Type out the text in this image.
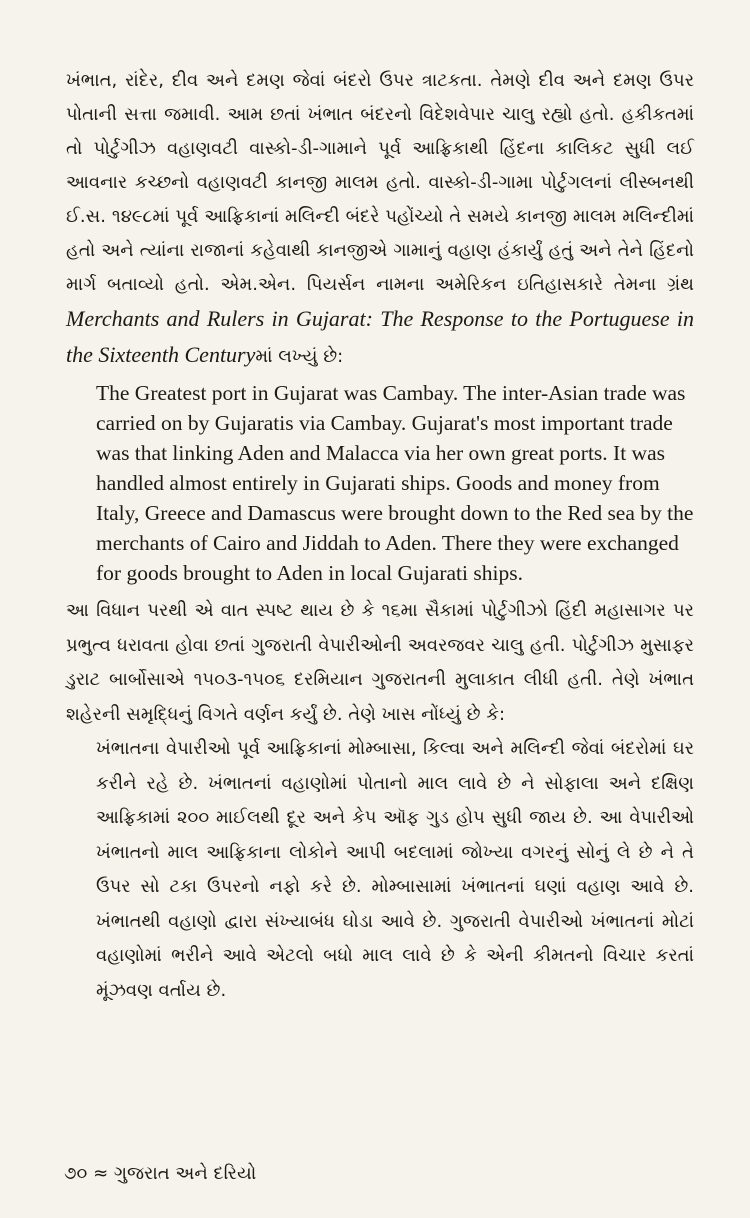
ખંભાત, રાંદેર, દીવ અને દમણ જેવાં બંદરો ઉપર ત્રાટકતા. તેમણે દીવ અને દમણ ઉપર પોતાની સત્તા જમાવી. આમ છતાં ખંભાત બંદરનો વિદેશવેપાર ચાલુ રહ્યો હતો. હકીકતમાં તો પોર્ટુગીઝ વહાણવટી વાસ્કો-ડી-ગામાને પૂર્વ આફ્રિકાથી હિંદના કાલિકટ સુધી લઈ આવનાર કચ્છનો વહાણવટી કાનજી માલમ હતો. વાસ્કો-ડી-ગામા પોર્ટુગલનાં લીસ્બનથી ઈ.સ. ૧૪૯૮માં પૂર્વ આફ્રિકાનાં મલિન્દી બંદરે પહોંચ્યો તે સમયે કાનજી માલમ મલિન્દીમાં હતો અને ત્યાંના રાજાનાં કહેવાથી કાનજીએ ગામાનું વહાણ હંકાર્યું હતું અને તેને હિંદનો માર્ગ બતાવ્યો હતો. એમ.એન. પિયર્સન નામના અમેરિકન ઇતિહાસકારે તેમના ગ્રંથ Merchants and Rulers in Gujarat: The Response to the Portuguese in the Sixteenth Centuryમાં લખ્યું છે:

The Greatest port in Gujarat was Cambay. The inter-Asian trade was carried on by Gujaratis via Cambay. Gujarat's most important trade was that linking Aden and Malacca via her own great ports. It was handled almost entirely in Gujarati ships. Goods and money from Italy, Greece and Damascus were brought down to the Red sea by the merchants of Cairo and Jiddah to Aden. There they were exchanged for goods brought to Aden in local Gujarati ships.

આ વિધાન પરથી એ વાત સ્પષ્ટ થાય છે કે ૧૬મા સૈકામાં પોર્ટુગીઝો હિંદી મહાસાગર પર પ્રભુત્વ ધરાવતા હોવા છતાં ગુજરાતી વેપારીઓની અવરજવર ચાલુ હતી. પોર્ટુગીઝ મુસાફર ડુરાટ બાર્બોસાએ ૧૫૦૩-૧૫૦૬ દરમિયાન ગુજરાતની મુલાકાત લીધી હતી. તેણે ખંભાત શહેરની સમૃદ્ધિનું વિગતે વર્ણન કર્યું છે. તેણે ખાસ નોંધ્યું છે કે:

ખંભાતના વેપારીઓ પૂર્વ આફ્રિકાનાં મોમ્બાસા, કિલ્વા અને મલિન્દી જેવાં બંદરોમાં ઘર કરીને રહે છે. ખંભાતનાં વહાણોમાં પોતાનો માલ લાવે છે ને સોફાલા અને દક્ષિણ આફ્રિકામાં ૨૦૦ માઈલથી દૂર અને કેપ ઑફ ગુડ હોપ સુધી જાય છે. આ વેપારીઓ ખંભાતનો માલ આફ્રિકાના લોકોને આપી બદલામાં જોખ્યા વગરનું સોનું લે છે ને તે ઉપર સો ટકા ઉપરનો નફો કરે છે. મોમ્બાસામાં ખંભાતનાં ઘણાં વહાણ આવે છે. ખંભાતથી વહાણો દ્વારા સંખ્યાબંધ ઘોડા આવે છે. ગુજરાતી વેપારીઓ ખંભાતનાં મોટાં વહાણોમાં ભરીને આવે એટલો બધો માલ લાવે છે કે એની કીમતનો વિચાર કરતાં મૂંઝવણ વર્તાય છે.

૭૦ ≈ ગુજરાત અને દરિયો
